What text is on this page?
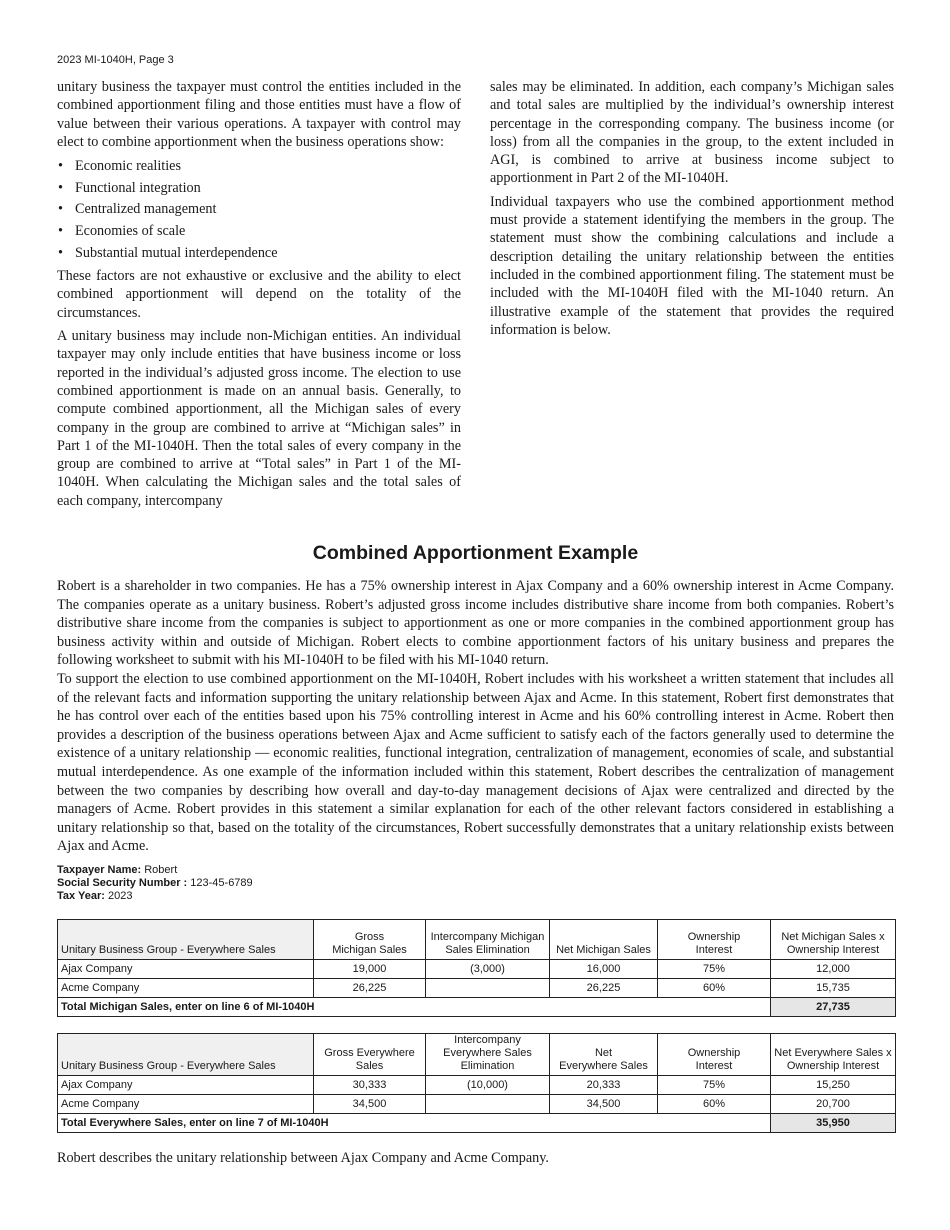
2023 MI-1040H, Page 3

unitary business the taxpayer must control the entities included in the combined apportionment filing and those entities must have a flow of value between their various operations. A taxpayer with control may elect to combine apportionment when the business operations show:

• Economic realities
• Functional integration
• Centralized management
• Economies of scale
• Substantial mutual interdependence

These factors are not exhaustive or exclusive and the ability to elect combined apportionment will depend on the totality of the circumstances.

A unitary business may include non-Michigan entities. An individual taxpayer may only include entities that have business income or loss reported in the individual’s adjusted gross income. The election to use combined apportionment is made on an annual basis. Generally, to compute combined apportionment, all the Michigan sales of every company in the group are combined to arrive at “Michigan sales” in Part 1 of the MI-1040H. Then the total sales of every company in the group are combined to arrive at “Total sales” in Part 1 of the MI-1040H. When calculating the Michigan sales and the total sales of each company, intercompany

sales may be eliminated. In addition, each company’s Michigan sales and total sales are multiplied by the individual’s ownership interest percentage in the corresponding company. The business income (or loss) from all the companies in the group, to the extent included in AGI, is combined to arrive at business income subject to apportionment in Part 2 of the MI-1040H.

Individual taxpayers who use the combined apportionment method must provide a statement identifying the members in the group. The statement must show the combining calculations and include a description detailing the unitary relationship between the entities included in the combined apportionment filing. The statement must be included with the MI-1040H filed with the MI-1040 return. An illustrative example of the statement that provides the required information is below.

Combined Apportionment Example

Robert is a shareholder in two companies. He has a 75% ownership interest in Ajax Company and a 60% ownership interest in Acme Company. The companies operate as a unitary business. Robert’s adjusted gross income includes distributive share income from both companies. Robert’s distributive share income from the companies is subject to apportionment as one or more companies in the combined apportionment group has business activity within and outside of Michigan. Robert elects to combine apportionment factors of his unitary business and prepares the following worksheet to submit with his MI-1040H to be filed with his MI-1040 return.

To support the election to use combined apportionment on the MI-1040H, Robert includes with his worksheet a written statement that includes all of the relevant facts and information supporting the unitary relationship between Ajax and Acme. In this statement, Robert first demonstrates that he has control over each of the entities based upon his 75% controlling interest in Acme and his 60% controlling interest in Acme. Robert then provides a description of the business operations between Ajax and Acme sufficient to satisfy each of the factors generally used to determine the existence of a unitary relationship — economic realities, functional integration, centralization of management, economies of scale, and substantial mutual interdependence. As one example of the information included within this statement, Robert describes the centralization of management between the two companies by describing how overall and day-to-day management decisions of Ajax were centralized and directed by the managers of Acme. Robert provides in this statement a similar explanation for each of the other relevant factors considered in establishing a unitary relationship so that, based on the totality of the circumstances, Robert successfully demonstrates that a unitary relationship exists between Ajax and Acme.

Taxpayer Name: Robert
Social Security Number : 123-45-6789
Tax Year: 2023
Unitary Business Group - Everywhere Sales	Gross
Michigan Sales	Intercompany Michigan
Sales Elimination	Net Michigan Sales	Ownership
Interest	Net Michigan Sales x
Ownership Interest
Ajax Company	19,000	(3,000)	16,000	75%	12,000
Acme Company	26,225		26,225	60%	15,735
Total Michigan Sales, enter on line 6 of MI-1040H					27,735
Unitary Business Group - Everywhere Sales	Gross Everywhere
Sales	Intercompany
Everywhere Sales
Elimination	Net
Everywhere Sales	Ownership
Interest	Net Everywhere Sales x
Ownership Interest
Ajax Company	30,333	(10,000)	20,333	75%	15,250
Acme Company	34,500		34,500	60%	20,700
Total Everywhere Sales, enter on line 7 of MI-1040H					35,950
Robert describes the unitary relationship between Ajax Company and Acme Company.
